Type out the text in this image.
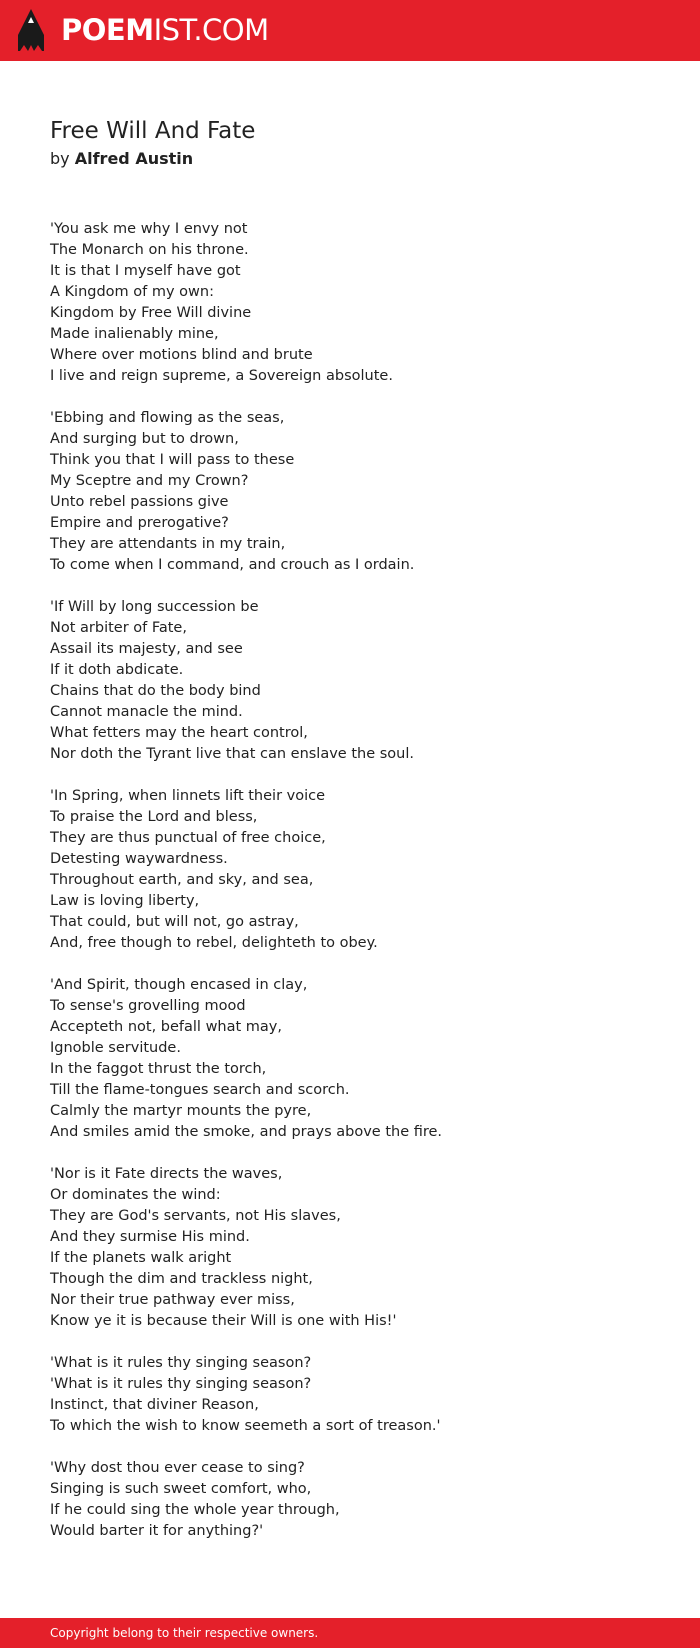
POEMIST.COM
Free Will And Fate
by Alfred Austin
'You ask me why I envy not
The Monarch on his throne.
It is that I myself have got
A Kingdom of my own:
Kingdom by Free Will divine
Made inalienably mine,
Where over motions blind and brute
I live and reign supreme, a Sovereign absolute.
'Ebbing and flowing as the seas,
And surging but to drown,
Think you that I will pass to these
My Sceptre and my Crown?
Unto rebel passions give
Empire and prerogative?
They are attendants in my train,
To come when I command, and crouch as I ordain.
'If Will by long succession be
Not arbiter of Fate,
Assail its majesty, and see
If it doth abdicate.
Chains that do the body bind
Cannot manacle the mind.
What fetters may the heart control,
Nor doth the Tyrant live that can enslave the soul.
'In Spring, when linnets lift their voice
To praise the Lord and bless,
They are thus punctual of free choice,
Detesting waywardness.
Throughout earth, and sky, and sea,
Law is loving liberty,
That could, but will not, go astray,
And, free though to rebel, delighteth to obey.
'And Spirit, though encased in clay,
To sense's grovelling mood
Accepteth not, befall what may,
Ignoble servitude.
In the faggot thrust the torch,
Till the flame-tongues search and scorch.
Calmly the martyr mounts the pyre,
And smiles amid the smoke, and prays above the fire.
'Nor is it Fate directs the waves,
Or dominates the wind:
They are God's servants, not His slaves,
And they surmise His mind.
If the planets walk aright
Though the dim and trackless night,
Nor their true pathway ever miss,
Know ye it is because their Will is one with His!'
'What is it rules thy singing season?
'What is it rules thy singing season?
Instinct, that diviner Reason,
To which the wish to know seemeth a sort of treason.'
'Why dost thou ever cease to sing?
Singing is such sweet comfort, who,
If he could sing the whole year through,
Would barter it for anything?'
Copyright belong to their respective owners.
